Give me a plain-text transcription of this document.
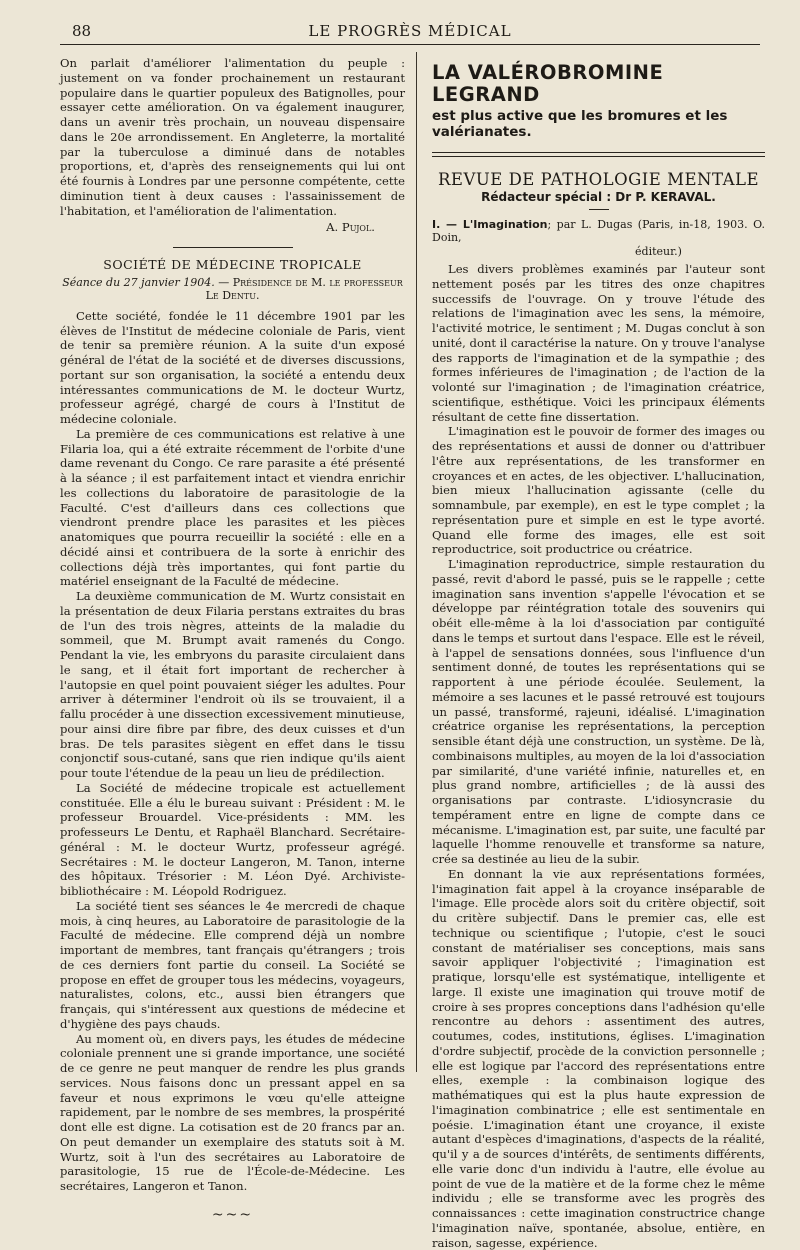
88	LE PROGRÈS MÉDICAL

On parlait d'améliorer l'alimentation du peuple : justement on va fonder prochainement un restaurant populaire dans le quartier populeux des Batignolles, pour essayer cette amélioration. On va également inaugurer, dans un avenir très prochain, un nouveau dispensaire dans le 20e arrondissement. En Angleterre, la mortalité par la tuberculose a diminué dans de notables proportions, et, d'après des renseignements qui lui ont été fournis à Londres par une personne compétente, cette diminution tient à deux causes : l'assainissement de l'habitation, et l'amélioration de l'alimentation.

A. Pujol.

SOCIÉTÉ DE MÉDECINE TROPICALE
Séance du 27 janvier 1904. — Présidence de M. le professeur Le Dentu.

Cette société, fondée le 11 décembre 1901 par les élèves de l'Institut de médecine coloniale de Paris, vient de tenir sa première réunion. A la suite d'un exposé général de l'état de la société et de diverses discussions, portant sur son organisation, la société a entendu deux intéressantes communications de M. le docteur Wurtz, professeur agrégé, chargé de cours à l'Institut de médecine coloniale.

La première de ces communications est relative à une Filaria loa, qui a été extraite récemment de l'orbite d'une dame revenant du Congo. Ce rare parasite a été présenté à la séance ; il est parfaitement intact et viendra enrichir les collections du laboratoire de parasitologie de la Faculté. C'est d'ailleurs dans ces collections que viendront prendre place les parasites et les pièces anatomiques que pourra recueillir la société : elle en a décidé ainsi et contribuera de la sorte à enrichir des collections déjà très importantes, qui font partie du matériel enseignant de la Faculté de médecine.

La deuxième communication de M. Wurtz consistait en la présentation de deux Filaria perstans extraites du bras de l'un des trois nègres, atteints de la maladie du sommeil, que M. Brumpt avait ramenés du Congo. Pendant la vie, les embryons du parasite circulaient dans le sang, et il était fort important de rechercher à l'autopsie en quel point pouvaient siéger les adultes. Pour arriver à déterminer l'endroit où ils se trouvaient, il a fallu procéder à une dissection excessivement minutieuse, pour ainsi dire fibre par fibre, des deux cuisses et d'un bras. De tels parasites siègent en effet dans le tissu conjonctif sous-cutané, sans que rien indique qu'ils aient pour toute l'étendue de la peau un lieu de prédilection.

La Société de médecine tropicale est actuellement constituée. Elle a élu le bureau suivant : Président : M. le professeur Brouardel. Vice-présidents : MM. les professeurs Le Dentu, et Raphaël Blanchard. Secrétaire-général : M. le docteur Wurtz, professeur agrégé. Secrétaires : M. le docteur Langeron, M. Tanon, interne des hôpitaux. Trésorier : M. Léon Dyé. Archiviste-bibliothécaire : M. Léopold Rodriguez.

La société tient ses séances le 4e mercredi de chaque mois, à cinq heures, au Laboratoire de parasitologie de la Faculté de médecine. Elle comprend déjà un nombre important de membres, tant français qu'étrangers ; trois de ces derniers font partie du conseil. La Société se propose en effet de grouper tous les médecins, voyageurs, naturalistes, colons, etc., aussi bien étrangers que français, qui s'intéressent aux questions de médecine et d'hygiène des pays chauds.

Au moment où, en divers pays, les études de médecine coloniale prennent une si grande importance, une société de ce genre ne peut manquer de rendre les plus grands services. Nous faisons donc un pressant appel en sa faveur et nous exprimons le vœu qu'elle atteigne rapidement, par le nombre de ses membres, la prospérité dont elle est digne. La cotisation est de 20 francs par an. On peut demander un exemplaire des statuts soit à M. Wurtz, soit à l'un des secrétaires au Laboratoire de parasitologie, 15 rue de l'École-de-Médecine. Les secrétaires, Langeron et Tanon.

~~~
LA VALÉROBROMINE LEGRAND
est plus active que les bromures et les valérianates.
REVUE DE PATHOLOGIE MENTALE
Rédacteur spécial : Dr P. KERAVAL.
I. — L'Imagination; par L. Dugas (Paris, in-18, 1903. O. Doin,
éditeur.)

Les divers problèmes examinés par l'auteur sont nettement posés par les titres des onze chapitres successifs de l'ouvrage. On y trouve l'étude des relations de l'imagination avec les sens, la mémoire, l'activité motrice, le sentiment ; M. Dugas conclut à son unité, dont il caractérise la nature. On y trouve l'analyse des rapports de l'imagination et de la sympathie ; des formes inférieures de l'imagination ; de l'action de la volonté sur l'imagination ; de l'imagination créatrice, scientifique, esthétique. Voici les principaux éléments résultant de cette fine dissertation.

L'imagination est le pouvoir de former des images ou des représentations et aussi de donner ou d'attribuer l'être aux représentations, de les transformer en croyances et en actes, de les objectiver. L'hallucination, bien mieux l'hallucination agissante (celle du somnambule, par exemple), en est le type complet ; la représentation pure et simple en est le type avorté. Quand elle forme des images, elle est soit reproductrice, soit productrice ou créatrice.

L'imagination reproductrice, simple restauration du passé, revit d'abord le passé, puis se le rappelle ; cette imagination sans invention s'appelle l'évocation et se développe par réintégration totale des souvenirs qui obéit elle-même à la loi d'association par contiguïté dans le temps et surtout dans l'espace. Elle est le réveil, à l'appel de sensations données, sous l'influence d'un sentiment donné, de toutes les représentations qui se rapportent à une période écoulée. Seulement, la mémoire a ses lacunes et le passé retrouvé est toujours un passé, transformé, rajeuni, idéalisé. L'imagination créatrice organise les représentations, la perception sensible étant déjà une construction, un système. De là, combinaisons multiples, au moyen de la loi d'association par similarité, d'une variété infinie, naturelles et, en plus grand nombre, artificielles ; de là aussi des organisations par contraste. L'idiosyncrasie du tempérament entre en ligne de compte dans ce mécanisme. L'imagination est, par suite, une faculté par laquelle l'homme renouvelle et transforme sa nature, crée sa destinée au lieu de la subir.

En donnant la vie aux représentations formées, l'imagination fait appel à la croyance inséparable de l'image. Elle procède alors soit du critère objectif, soit du critère subjectif. Dans le premier cas, elle est technique ou scientifique ; l'utopie, c'est le souci constant de matérialiser ses conceptions, mais sans savoir appliquer l'objectivité ; l'imagination est pratique, lorsqu'elle est systématique, intelligente et large. Il existe une imagination qui trouve motif de croire à ses propres conceptions dans l'adhésion qu'elle rencontre au dehors : assentiment des autres, coutumes, codes, institutions, églises. L'imagination d'ordre subjectif, procède de la conviction personnelle ; elle est logique par l'accord des représentations entre elles, exemple : la combinaison logique des mathématiques qui est la plus haute expression de l'imagination combinatrice ; elle est sentimentale en poésie. L'imagination étant une croyance, il existe autant d'espèces d'imaginations, d'aspects de la réalité, qu'il y a de sources d'intérêts, de sentiments différents, elle varie donc d'un individu à l'autre, elle évolue au point de vue de la matière et de la forme chez le même individu ; elle se transforme avec les progrès des connaissances : cette imagination constructrice change l'imagination naïve, spontanée, absolue, entière, en raison, sagesse, expérience.
